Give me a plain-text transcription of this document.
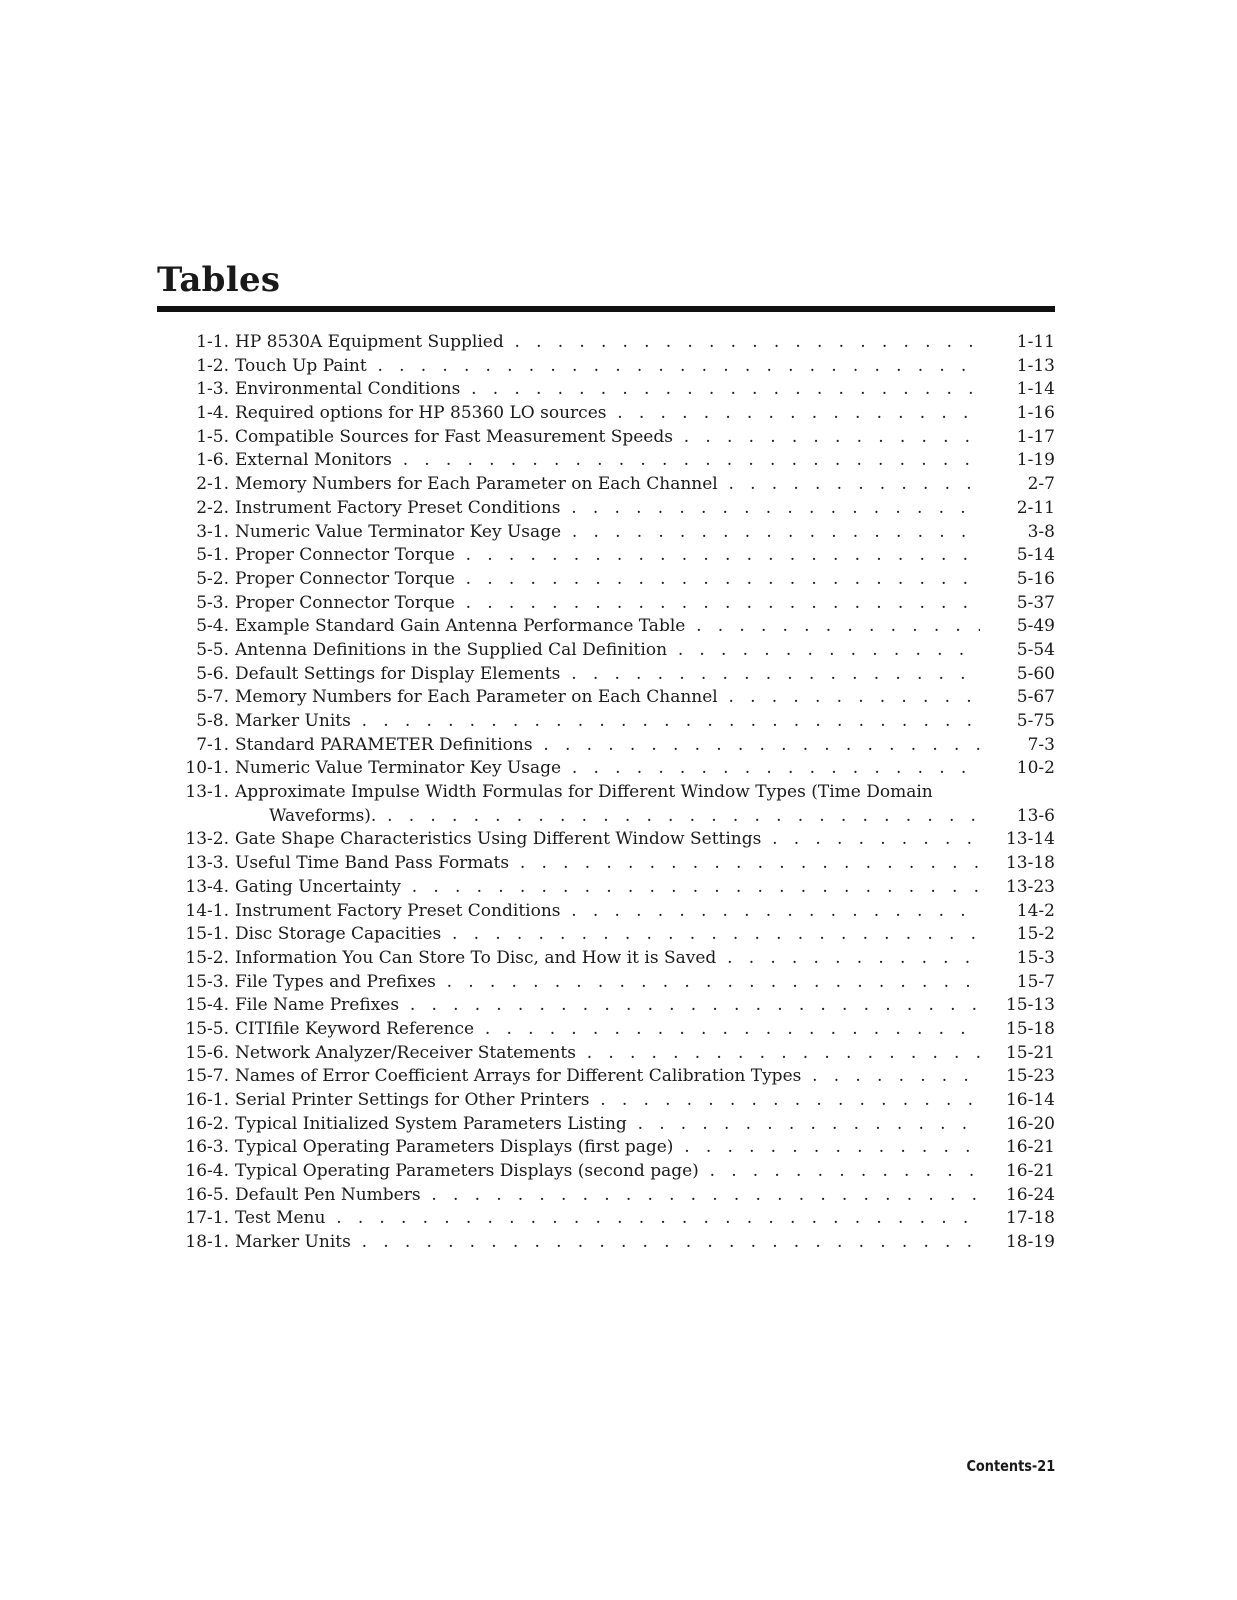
Tables
1-1. HP 8530A Equipment Supplied . . .	1-11
1-2. Touch Up Paint . . .	1-13
1-3. Environmental Conditions . . .	1-14
1-4. Required options for HP 85360 LO sources . . .	1-16
1-5. Compatible Sources for Fast Measurement Speeds . . .	1-17
1-6. External Monitors . . .	1-19
2-1. Memory Numbers for Each Parameter on Each Channel . . .	2-7
2-2. Instrument Factory Preset Conditions . . .	2-11
3-1. Numeric Value Terminator Key Usage . . .	3-8
5-1. Proper Connector Torque . . .	5-14
5-2. Proper Connector Torque . . .	5-16
5-3. Proper Connector Torque . . .	5-37
5-4. Example Standard Gain Antenna Performance Table . . .	5-49
5-5. Antenna Definitions in the Supplied Cal Definition . . .	5-54
5-6. Default Settings for Display Elements . . .	5-60
5-7. Memory Numbers for Each Parameter on Each Channel . . .	5-67
5-8. Marker Units . . .	5-75
7-1. Standard PARAMETER Definitions . . .	7-3
10-1. Numeric Value Terminator Key Usage . . .	10-2
13-1. Approximate Impulse Width Formulas for Different Window Types (Time Domain
Waveforms). . . .	13-6
13-2. Gate Shape Characteristics Using Different Window Settings . . .	13-14
13-3. Useful Time Band Pass Formats . . .	13-18
13-4. Gating Uncertainty . . .	13-23
14-1. Instrument Factory Preset Conditions . . .	14-2
15-1. Disc Storage Capacities . . .	15-2
15-2. Information You Can Store To Disc, and How it is Saved . . .	15-3
15-3. File Types and Prefixes . . .	15-7
15-4. File Name Prefixes . . .	15-13
15-5. CITIfile Keyword Reference . . .	15-18
15-6. Network Analyzer/Receiver Statements . . .	15-21
15-7. Names of Error Coefficient Arrays for Different Calibration Types . . .	15-23
16-1. Serial Printer Settings for Other Printers . . .	16-14
16-2. Typical Initialized System Parameters Listing . . .	16-20
16-3. Typical Operating Parameters Displays (first page) . . .	16-21
16-4. Typical Operating Parameters Displays (second page) . . .	16-21
16-5. Default Pen Numbers . . .	16-24
17-1. Test Menu . . .	17-18
18-1. Marker Units . . .	18-19
Contents-21
